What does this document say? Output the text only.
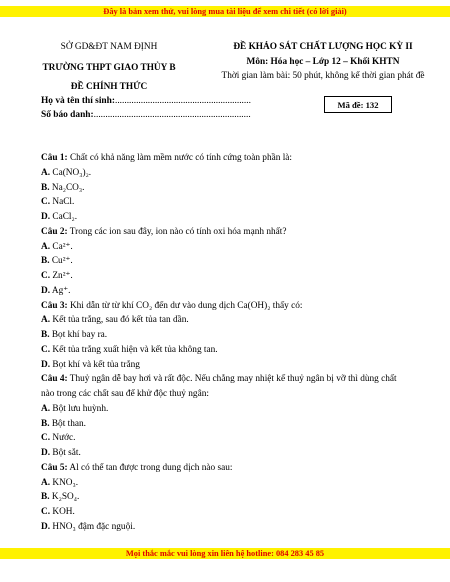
Đây là bản xem thử, vui lòng mua tài liệu để xem chi tiết (có lời giải)
SỞ GD&ĐT NAM ĐỊNH
TRƯỜNG THPT GIAO THỦY B
ĐỀ CHÍNH THỨC
ĐỀ KHẢO SÁT CHẤT LƯỢNG HỌC KỲ II
Môn: Hóa học – Lớp 12 – Khối KHTN
Thời gian làm bài: 50 phút, không kể thời gian phát đề
Mã đề: 132
Họ và tên thí sinh:..........................................................
Số báo danh:...................................................................
Câu 1: Chất có khả năng làm mềm nước có tính cứng toàn phần là:
A. Ca(NO₃)₂.
B. Na₂CO₃.
C. NaCl.
D. CaCl₂.
Câu 2: Trong các ion sau đây, ion nào có tính oxi hóa mạnh nhất?
A. Ca²⁺.
B. Cu²⁺.
C. Zn²⁺.
D. Ag⁺.
Câu 3: Khi dẫn từ từ khí CO₂ đến dư vào dung dịch Ca(OH)₂ thấy có:
A. Kết tủa trắng, sau đó kết tủa tan dần.
B. Bọt khí bay ra.
C. Kết tủa trắng xuất hiện và kết tủa không tan.
D. Bọt khí và kết tủa trắng
Câu 4: Thuỷ ngân dễ bay hơi và rất độc. Nếu chẳng may nhiệt kế thuỷ ngân bị vỡ thì dùng chất nào trong các chất sau để khử độc thuỷ ngân:
A. Bột lưu huỳnh.
B. Bột than.
C. Nước.
D. Bột sắt.
Câu 5: Al có thể tan được trong dung dịch nào sau:
A. KNO₃.
B. K₂SO₄.
C. KOH.
D. HNO₃ đậm đặc nguội.
Mọi thắc mắc vui lòng xin liên hệ hotline: 084 283 45 85
